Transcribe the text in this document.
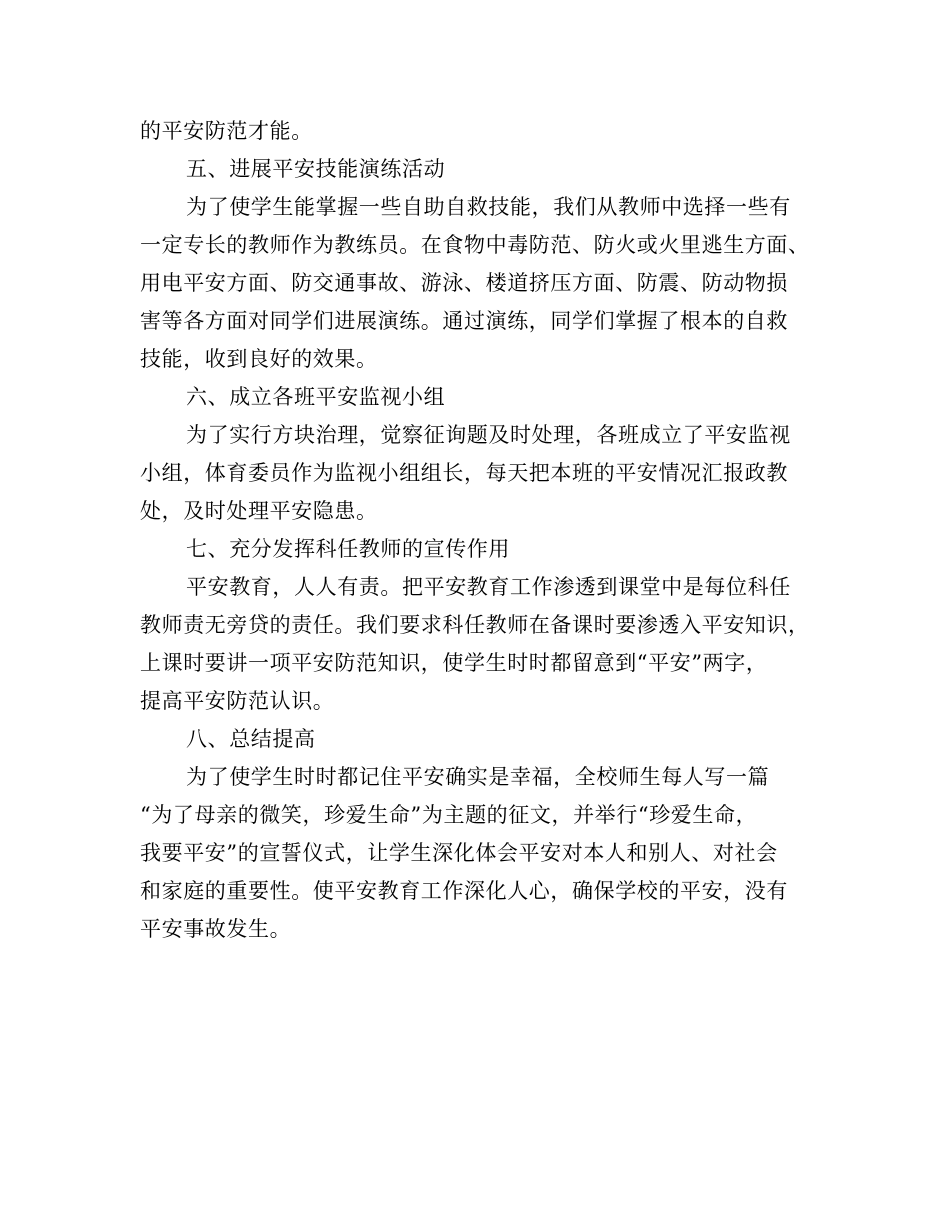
的平安防范才能。
五、进展平安技能演练活动
为了使学生能掌握一些自助自救技能，我们从教师中选择一些有
一定专长的教师作为教练员。在食物中毒防范、防火或火里逃生方面、
用电平安方面、防交通事故、游泳、楼道挤压方面、防震、防动物损
害等各方面对同学们进展演练。通过演练，同学们掌握了根本的自救
技能，收到良好的效果。
六、成立各班平安监视小组
为了实行方块治理，觉察征询题及时处理，各班成立了平安监视
小组，体育委员作为监视小组组长，每天把本班的平安情况汇报政教
处，及时处理平安隐患。
七、充分发挥科任教师的宣传作用
平安教育，人人有责。把平安教育工作渗透到课堂中是每位科任
教师责无旁贷的责任。我们要求科任教师在备课时要渗透入平安知识，
上课时要讲一项平安防范知识，使学生时时都留意到“平安”两字，
提高平安防范认识。
八、总结提高
为了使学生时时都记住平安确实是幸福，全校师生每人写一篇
“为了母亲的微笑，珍爱生命”为主题的征文，并举行“珍爱生命，
我要平安”的宣誓仪式，让学生深化体会平安对本人和别人、对社会
和家庭的重要性。使平安教育工作深化人心，确保学校的平安，没有
平安事故发生。
